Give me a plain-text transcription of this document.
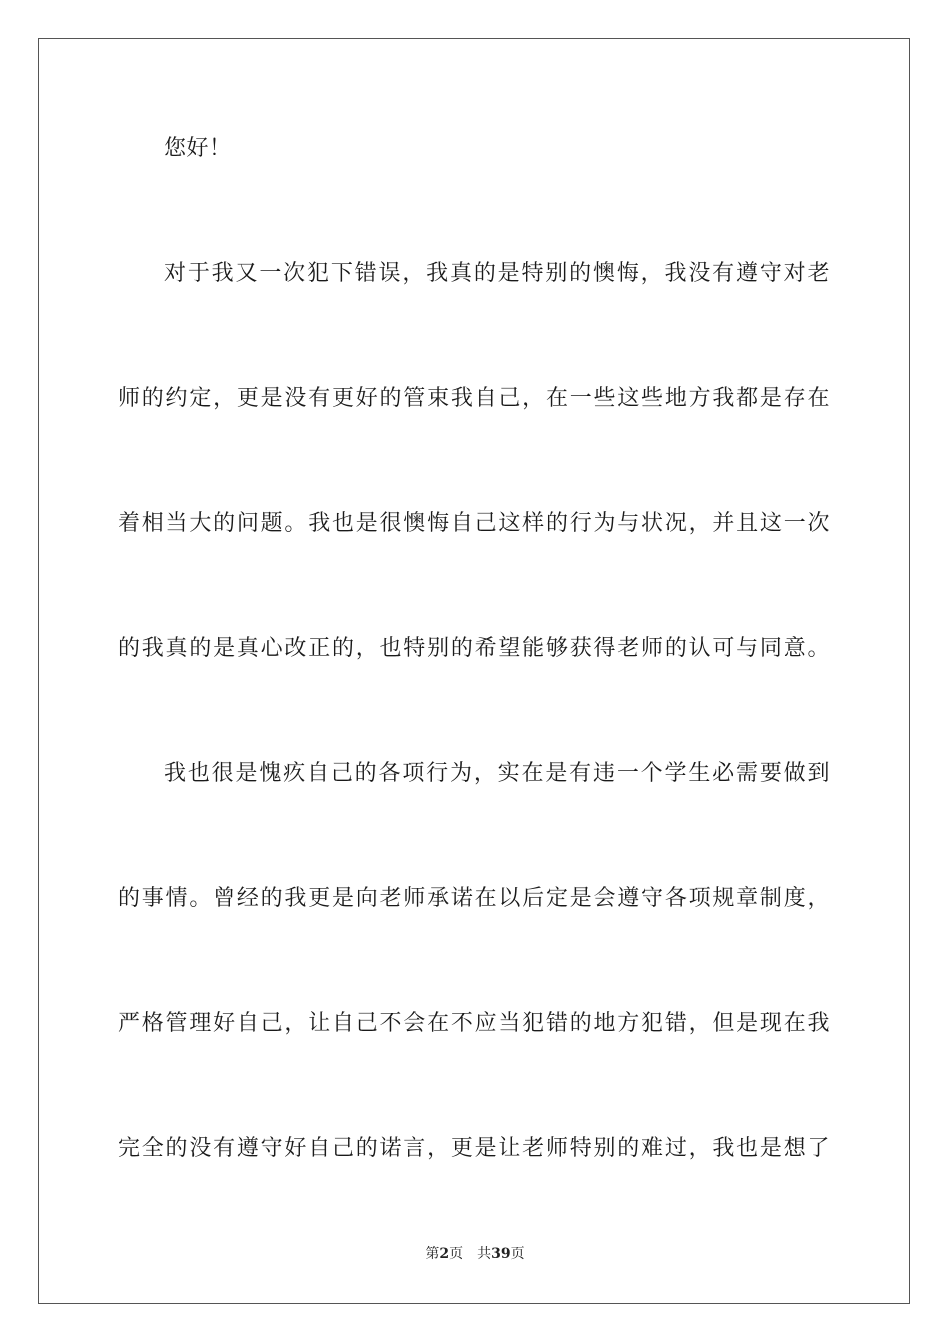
您好！
对于我又一次犯下错误，我真的是特别的懊悔，我没有遵守对老
师的约定，更是没有更好的管束我自己，在一些这些地方我都是存在
着相当大的问题。我也是很懊悔自己这样的行为与状况，并且这一次
的我真的是真心改正的，也特别的希望能够获得老师的认可与同意。
我也很是愧疚自己的各项行为，实在是有违一个学生必需要做到
的事情。曾经的我更是向老师承诺在以后定是会遵守各项规章制度，
严格管理好自己，让自己不会在不应当犯错的地方犯错，但是现在我
完全的没有遵守好自己的诺言，更是让老师特别的难过，我也是想了
第2页 共39页
